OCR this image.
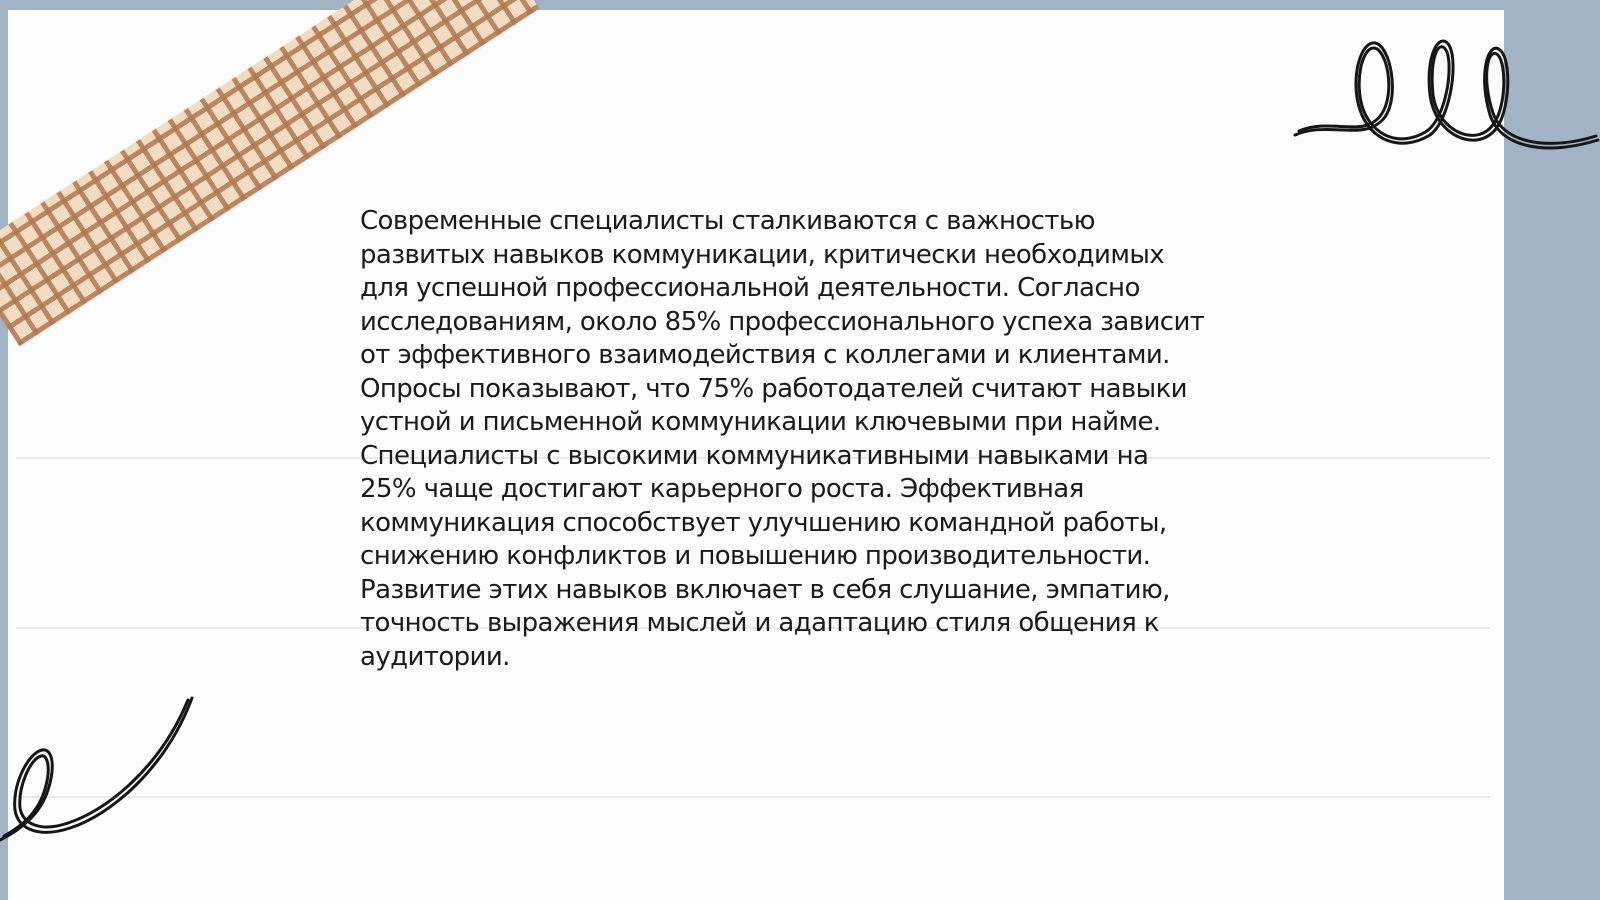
Современные специалисты сталкиваются с важностью
развитых навыков коммуникации, критически необходимых
для успешной профессиональной деятельности. Согласно
исследованиям, около 85% профессионального успеха зависит
от эффективного взаимодействия с коллегами и клиентами.
Опросы показывают, что 75% работодателей считают навыки
устной и письменной коммуникации ключевыми при найме.
Специалисты с высокими коммуникативными навыками на
25% чаще достигают карьерного роста. Эффективная
коммуникация способствует улучшению командной работы,
снижению конфликтов и повышению производительности.
Развитие этих навыков включает в себя слушание, эмпатию,
точность выражения мыслей и адаптацию стиля общения к
аудитории.
